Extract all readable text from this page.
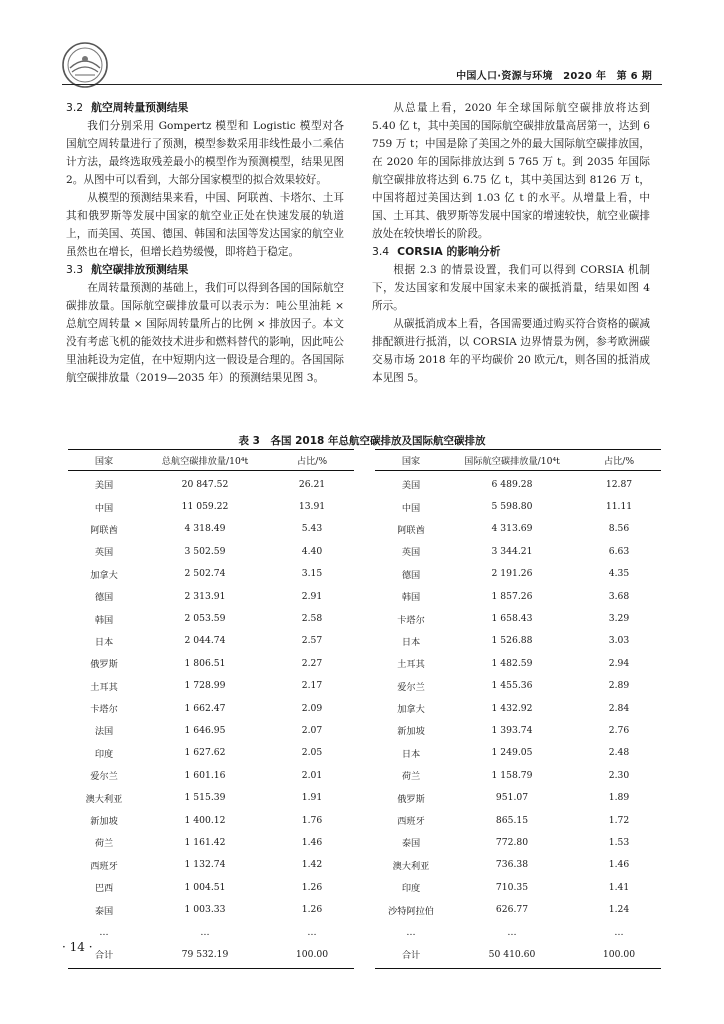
中国人口·资源与环境　2020 年　第 6 期

3.2 航空周转量预测结果

我们分别采用 Gompertz 模型和 Logistic 模型对各国航空周转量进行了预测，模型参数采用非线性最小二乘估计方法，最终选取残差最小的模型作为预测模型，结果见图 2。从图中可以看到，大部分国家模型的拟合效果较好。

从模型的预测结果来看，中国、阿联酋、卡塔尔、土耳其和俄罗斯等发展中国家的航空业正处在快速发展的轨道上，而美国、英国、德国、韩国和法国等发达国家的航空业虽然也在增长，但增长趋势缓慢，即将趋于稳定。

3.3 航空碳排放预测结果

在周转量预测的基础上，我们可以得到各国的国际航空碳排放量。国际航空碳排放量可以表示为：吨公里油耗 × 总航空周转量 × 国际周转量所占的比例 × 排放因子。本文没有考虑飞机的能效技术进步和燃料替代的影响，因此吨公里油耗设为定值，在中短期内这一假设是合理的。各国国际航空碳排放量（2019—2035 年）的预测结果见图 3。

从总量上看，2020 年全球国际航空碳排放将达到 5.40 亿 t，其中美国的国际航空碳排放量高居第一，达到 6 759 万 t；中国是除了美国之外的最大国际航空碳排放国，在 2020 年的国际排放达到 5 765 万 t。到 2035 年国际航空碳排放将达到 6.75 亿 t，其中美国达到 8126 万 t，中国将超过美国达到 1.03 亿 t 的水平。从增量上看，中国、土耳其、俄罗斯等发展中国家的增速较快，航空业碳排放处在较快增长的阶段。

3.4 CORSIA 的影响分析

根据 2.3 的情景设置，我们可以得到 CORSIA 机制下，发达国家和发展中国家未来的碳抵消量，结果如图 4 所示。

从碳抵消成本上看，各国需要通过购买符合资格的碳减排配额进行抵消，以 CORSIA 边界情景为例，参考欧洲碳交易市场 2018 年的平均碳价 20 欧元/t，则各国的抵消成本见图 5。

表 3　各国 2018 年总航空碳排放及国际航空碳排放
国家	总航空碳排放量/10⁴t	占比/%
美国	20 847.52	26.21
中国	11 059.22	13.91
阿联酋	4 318.49	5.43
英国	3 502.59	4.40
加拿大	2 502.74	3.15
德国	2 313.91	2.91
韩国	2 053.59	2.58
日本	2 044.74	2.57
俄罗斯	1 806.51	2.27
土耳其	1 728.99	2.17
卡塔尔	1 662.47	2.09
法国	1 646.95	2.07
印度	1 627.62	2.05
爱尔兰	1 601.16	2.01
澳大利亚	1 515.39	1.91
新加坡	1 400.12	1.76
荷兰	1 161.42	1.46
西班牙	1 132.74	1.42
巴西	1 004.51	1.26
泰国	1 003.33	1.26
…	…	…
合计	79 532.19	100.00
国家	国际航空碳排放量/10⁴t	占比/%
美国	6 489.28	12.87
中国	5 598.80	11.11
阿联酋	4 313.69	8.56
英国	3 344.21	6.63
德国	2 191.26	4.35
韩国	1 857.26	3.68
卡塔尔	1 658.43	3.29
日本	1 526.88	3.03
土耳其	1 482.59	2.94
爱尔兰	1 455.36	2.89
加拿大	1 432.92	2.84
新加坡	1 393.74	2.76
日本	1 249.05	2.48
荷兰	1 158.79	2.30
俄罗斯	951.07	1.89
西班牙	865.15	1.72
泰国	772.80	1.53
澳大利亚	736.38	1.46
印度	710.35	1.41
沙特阿拉伯	626.77	1.24
…	…	…
合计	50 410.60	100.00
· 14 ·
